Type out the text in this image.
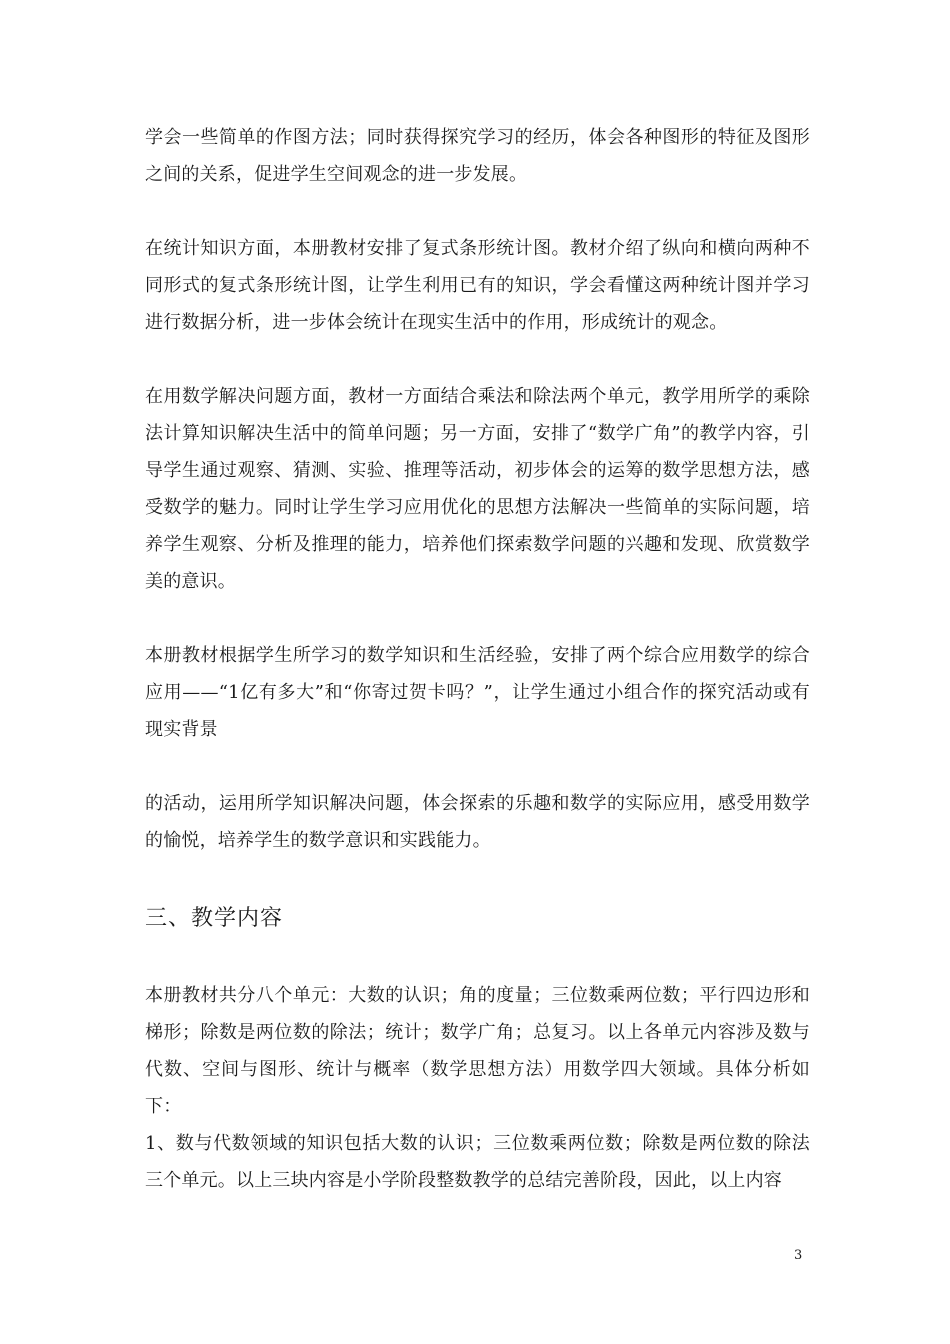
学会一些简单的作图方法；同时获得探究学习的经历，体会各种图形的特征及图形之间的关系，促进学生空间观念的进一步发展。

在统计知识方面，本册教材安排了复式条形统计图。教材介绍了纵向和横向两种不同形式的复式条形统计图，让学生利用已有的知识，学会看懂这两种统计图并学习进行数据分析，进一步体会统计在现实生活中的作用，形成统计的观念。

在用数学解决问题方面，教材一方面结合乘法和除法两个单元，教学用所学的乘除法计算知识解决生活中的简单问题；另一方面，安排了“数学广角”的教学内容，引导学生通过观察、猜测、实验、推理等活动，初步体会的运筹的数学思想方法，感受数学的魅力。同时让学生学习应用优化的思想方法解决一些简单的实际问题，培养学生观察、分析及推理的能力，培养他们探索数学问题的兴趣和发现、欣赏数学美的意识。

本册教材根据学生所学习的数学知识和生活经验，安排了两个综合应用数学的综合应用——“1亿有多大”和“你寄过贺卡吗？”，让学生通过小组合作的探究活动或有现实背景

的活动，运用所学知识解决问题，体会探索的乐趣和数学的实际应用，感受用数学的愉悦，培养学生的数学意识和实践能力。

三、教学内容

本册教材共分八个单元：大数的认识；角的度量；三位数乘两位数；平行四边形和梯形；除数是两位数的除法；统计；数学广角；总复习。以上各单元内容涉及数与代数、空间与图形、统计与概率（数学思想方法）用数学四大领域。具体分析如下：

1、数与代数领域的知识包括大数的认识；三位数乘两位数；除数是两位数的除法三个单元。以上三块内容是小学阶段整数教学的总结完善阶段，因此，以上内容

3
